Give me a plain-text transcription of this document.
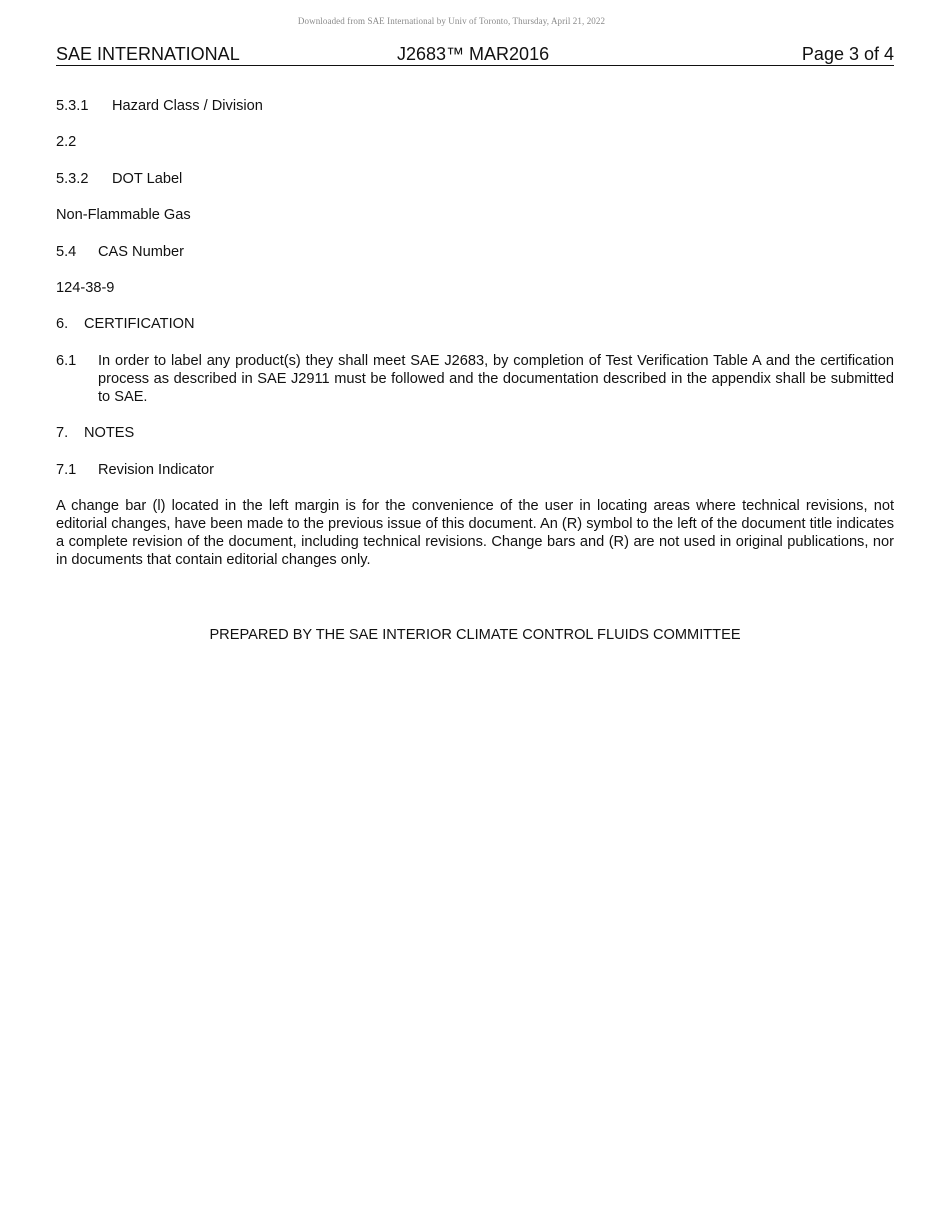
Downloaded from SAE International by Univ of Toronto, Thursday, April 21, 2022
SAE INTERNATIONAL	J2683™ MAR2016	Page 3 of 4
5.3.1 Hazard Class / Division
2.2
5.3.2 DOT Label
Non-Flammable Gas
5.4 CAS Number
124-38-9
6. CERTIFICATION
6.1 In order to label any product(s) they shall meet SAE J2683, by completion of Test Verification Table A and the certification process as described in SAE J2911 must be followed and the documentation described in the appendix shall be submitted to SAE.
7. NOTES
7.1 Revision Indicator
A change bar (l) located in the left margin is for the convenience of the user in locating areas where technical revisions, not editorial changes, have been made to the previous issue of this document. An (R) symbol to the left of the document title indicates a complete revision of the document, including technical revisions. Change bars and (R) are not used in original publications, nor in documents that contain editorial changes only.
PREPARED BY THE SAE INTERIOR CLIMATE CONTROL FLUIDS COMMITTEE
